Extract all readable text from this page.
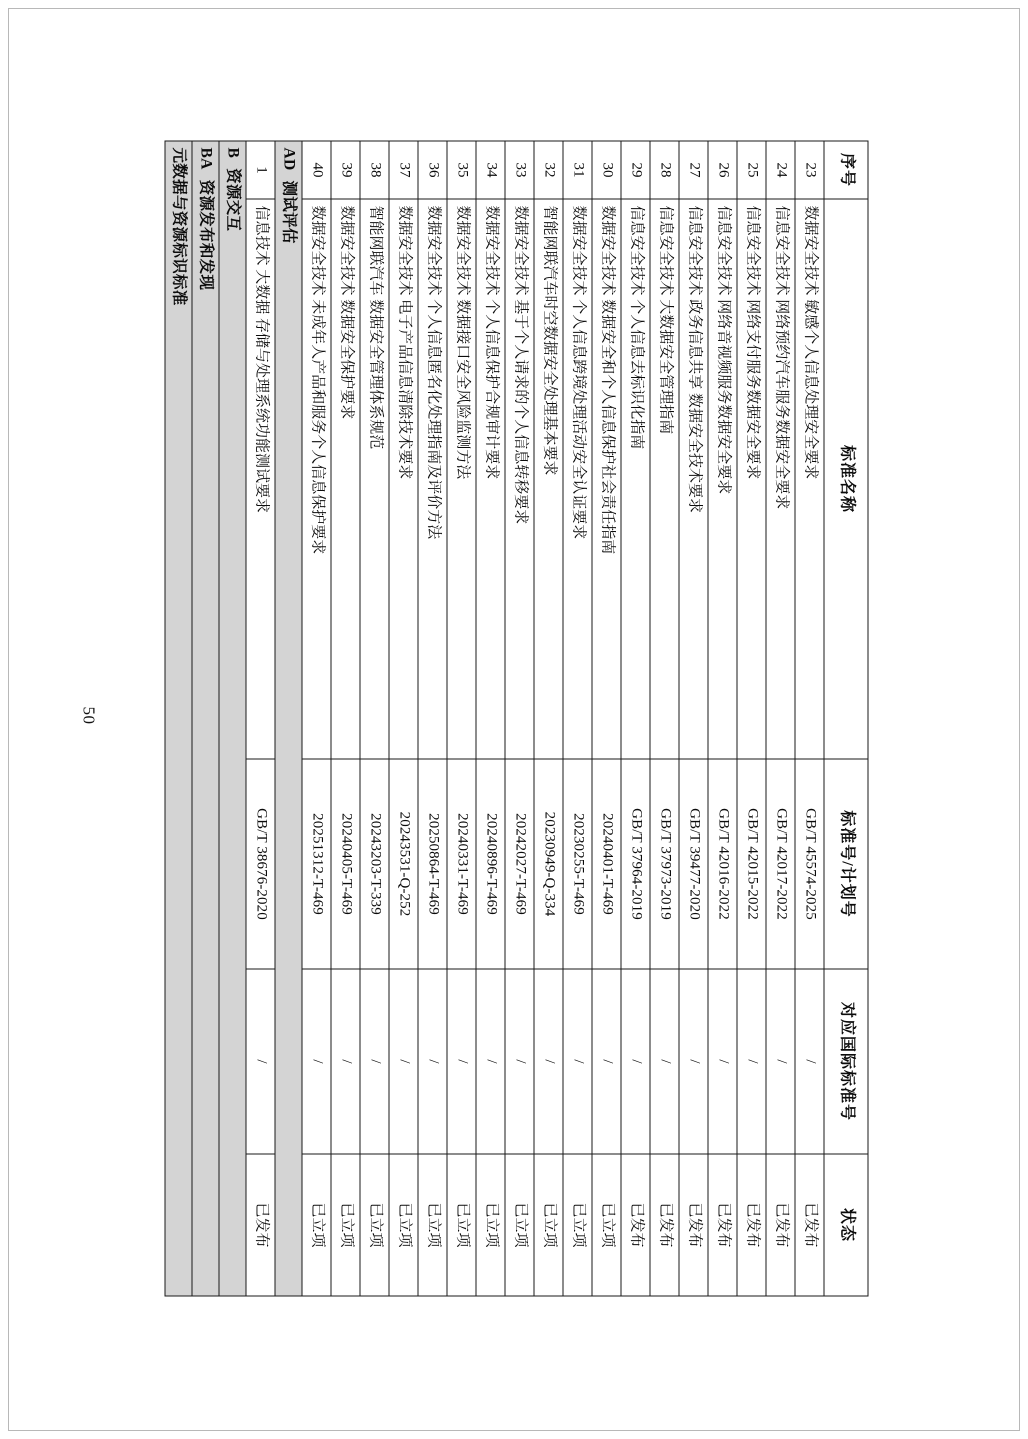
50
序号	标准名称	标准号/计划号	对应国际标准号	状态
23	数据安全技术 敏感个人信息处理安全要求	GB/T 45574-2025	/	已发布
24	信息安全技术 网络预约汽车服务数据安全要求	GB/T 42017-2022	/	已发布
25	信息安全技术 网络支付服务数据安全要求	GB/T 42015-2022	/	已发布
26	信息安全技术 网络音视频服务数据安全要求	GB/T 42016-2022	/	已发布
27	信息安全技术 政务信息共享 数据安全技术要求	GB/T 39477-2020	/	已发布
28	信息安全技术 大数据安全管理指南	GB/T 37973-2019	/	已发布
29	信息安全技术 个人信息去标识化指南	GB/T 37964-2019	/	已发布
30	数据安全技术 数据安全和个人信息保护社会责任指南	20240401-T-469	/	已立项
31	数据安全技术 个人信息跨境处理活动安全认证要求	20230255-T-469	/	已立项
32	智能网联汽车时空数据安全处理基本要求	20230949-Q-334	/	已立项
33	数据安全技术 基于个人请求的个人信息转移要求	20242027-T-469	/	已立项
34	数据安全技术 个人信息保护合规审计要求	20240896-T-469	/	已立项
35	数据安全技术 数据接口安全风险监测方法	20240331-T-469	/	已立项
36	数据安全技术 个人信息匿名化处理指南及评价方法	20250864-T-469	/	已立项
37	数据安全技术 电子产品信息清除技术要求	20243531-Q-252	/	已立项
38	智能网联汽车 数据安全管理体系规范	20243203-T-339	/	已立项
39	数据安全技术 数据安全保护要求	20240405-T-469	/	已立项
40	数据安全技术 未成年人产品和服务个人信息保护要求	20251312-T-469	/	已立项
AD测试评估				
1	信息技术 大数据 存储与处理系统功能测试要求	GB/T 38676-2020	/	已发布
B资源交互				
BA资源发布和发现				
元数据与资源标识标准				
